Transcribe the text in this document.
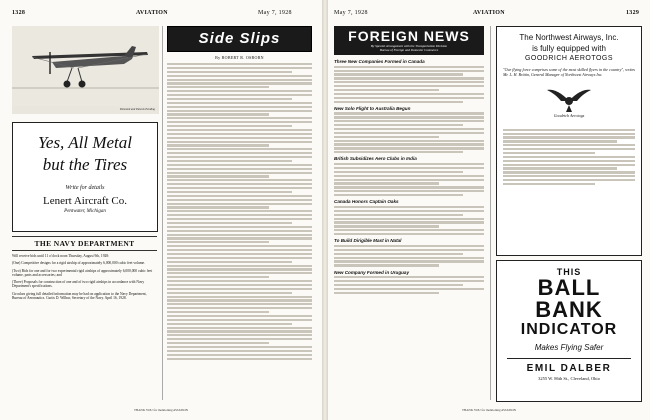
1328	AVIATION	May 7, 1928
Patented and Patents Pending
Yes, All Metal
but the Tires
Write for details
Lenert Aircraft Co.
Pentwater, Michigan
THE NAVY DEPARTMENT
Will receive bids until 11 o'clock noon Thursday, August 9th, 1928:
(One) Competitive designs for a rigid airship of approximately 6,000,000 cubic feet volume.
(Two) Bids for one and for two experimental rigid airships of approximately 6,000,000 cubic feet volume, parts and accessories; and
(Three) Proposals for construction of one and of two rigid airships in accordance with Navy Department's specifications.
Circulars giving full detailed information may be had on application to the Navy Department, Bureau of Aeronautics. Curtis D. Wilbur, Secretary of the Navy. April 16, 1928.
Side Slips
By ROBERT R. OSBORN
THANK YOU for mentioning AVIATION
May 7, 1928	AVIATION	1329
FOREIGN NEWS
By Special Arrangement with the Transportation Division
Bureau of Foreign and Domestic Commerce
Three New Companies Formed in Canada
New Solo Flight to Australia Begun
British Subsidizes Aero Clubs in India
Canada Honors Captain Oaks
To Build Dirigible Mast in Natal
New Company Formed in Uruguay
The Northwest Airways, Inc.
is fully equipped with
GOODRICH AEROTOGS
"Our flying force comprises some of the most skilled flyers in the country", writes Mr. L. H. Brittin, General Manager of Northwest Airways Inc.
Goodrich Aerotogs
THIS
BALL
BANK
INDICATOR
Makes Flying Safer
EMIL DALBER
3255 W. 86th St., Cleveland, Ohio
THANK YOU for mentioning AVIATION
